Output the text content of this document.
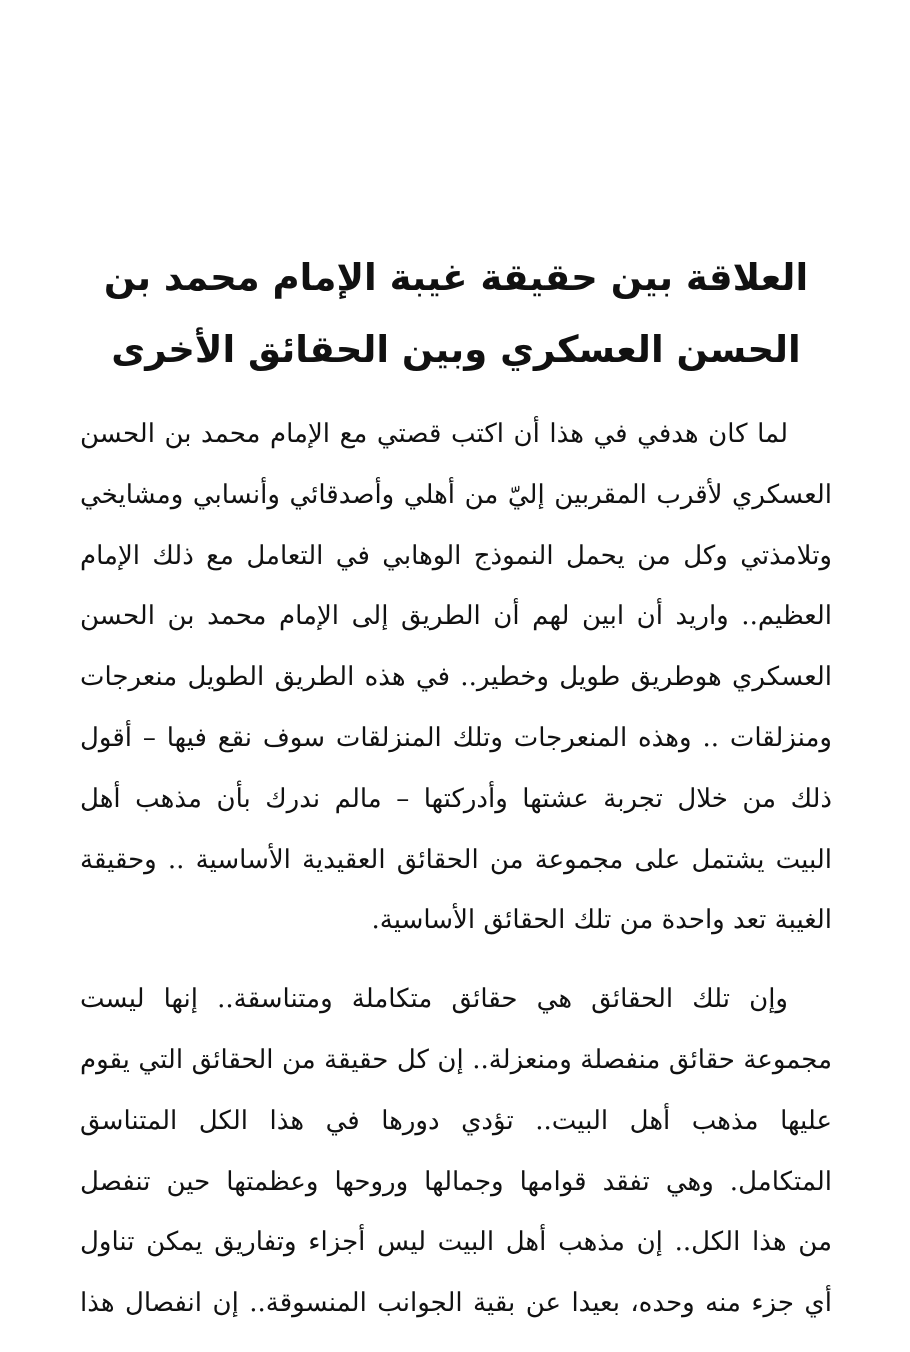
العلاقة بين حقيقة غيبة الإمام محمد بن
الحسن العسكري وبين الحقائق الأخرى

لما كان هدفي في هذا أن اكتب قصتي مع الإمام محمد بن الحسن
العسكري لأقرب المقربين إليّ من أهلي وأصدقائي وأنسابي ومشايخي
وتلامذتي وكل من يحمل النموذج الوهابي في التعامل مع ذلك الإمام
العظيم.. واريد أن ابين لهم أن الطريق إلى الإمام محمد بن الحسن
العسكري هوطريق طويل وخطير.. في هذه الطريق الطويل منعرجات
ومنزلقات .. وهذه المنعرجات وتلك المنزلقات سوف نقع فيها – أقول
ذلك من خلال تجربة عشتها وأدركتها – مالم ندرك بأن مذهب أهل
البيت يشتمل على مجموعة من الحقائق العقيدية الأساسية .. وحقيقة
الغيبة تعد واحدة من تلك الحقائق الأساسية.

وإن تلك الحقائق هي حقائق متكاملة ومتناسقة.. إنها ليست
مجموعة حقائق منفصلة ومنعزلة.. إن كل حقيقة من الحقائق التي يقوم
عليها مذهب أهل البيت.. تؤدي دورها في هذا الكل المتناسق
المتكامل. وهي تفقد قوامها وجمالها وروحها وعظمتها حين تنفصل
من هذا الكل.. إن مذهب أهل البيت ليس أجزاء وتفاريق يمكن تناول
أي جزء منه وحده، بعيدا عن بقية الجوانب المنسوقة.. إن انفصال هذا
